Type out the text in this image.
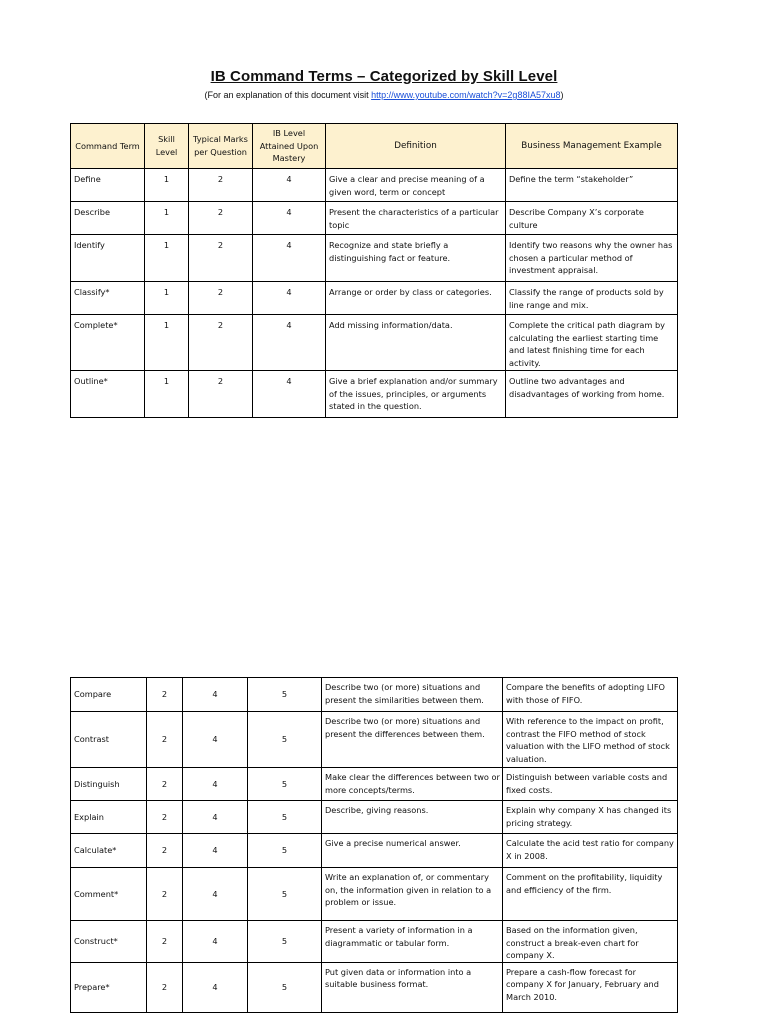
IB Command Terms – Categorized by Skill Level
(For an explanation of this document visit http://www.youtube.com/watch?v=2g88IA57xu8)
Command Term	Skill Level	Typical Marks per Question	IB Level Attained Upon Mastery	Definition	Business Management Example
Define	1	2	4	Give a clear and precise meaning of a given word, term or concept	Define the term “stakeholder”
Describe	1	2	4	Present the characteristics of a particular topic	Describe Company X’s corporate culture
Identify	1	2	4	Recognize and state briefly a distinguishing fact or feature.	Identify two reasons why the owner has chosen a particular method of investment appraisal.
Classify*	1	2	4	Arrange or order by class or categories.	Classify the range of products sold by line range and mix.
Complete*	1	2	4	Add missing information/data.	Complete the critical path diagram by calculating the earliest starting time and latest finishing time for each activity.
Outline*	1	2	4	Give a brief explanation and/or summary of the issues, principles, or arguments stated in the question.	Outline two advantages and disadvantages of working from home.
Compare	2	4	5	Describe two (or more) situations and present the similarities between them.	Compare the benefits of adopting LIFO with those of FIFO.
Contrast	2	4	5	Describe two (or more) situations and present the differences between them.	With reference to the impact on profit, contrast the FIFO method of stock valuation with the LIFO method of stock valuation.
Distinguish	2	4	5	Make clear the differences between two or more concepts/terms.	Distinguish between variable costs and fixed costs.
Explain	2	4	5	Describe, giving reasons.	Explain why company X has changed its pricing strategy.
Calculate*	2	4	5	Give a precise numerical answer.	Calculate the acid test ratio for company X in 2008.
Comment*	2	4	5	Write an explanation of, or commentary on, the information given in relation to a problem or issue.	Comment on the profitability, liquidity and efficiency of the firm.
Construct*	2	4	5	Present a variety of information in a diagrammatic or tabular form.	Based on the information given, construct a break-even chart for company X.
Prepare*	2	4	5	Put given data or information into a suitable business format.	Prepare a cash-flow forecast for company X for January, February and March 2010.
